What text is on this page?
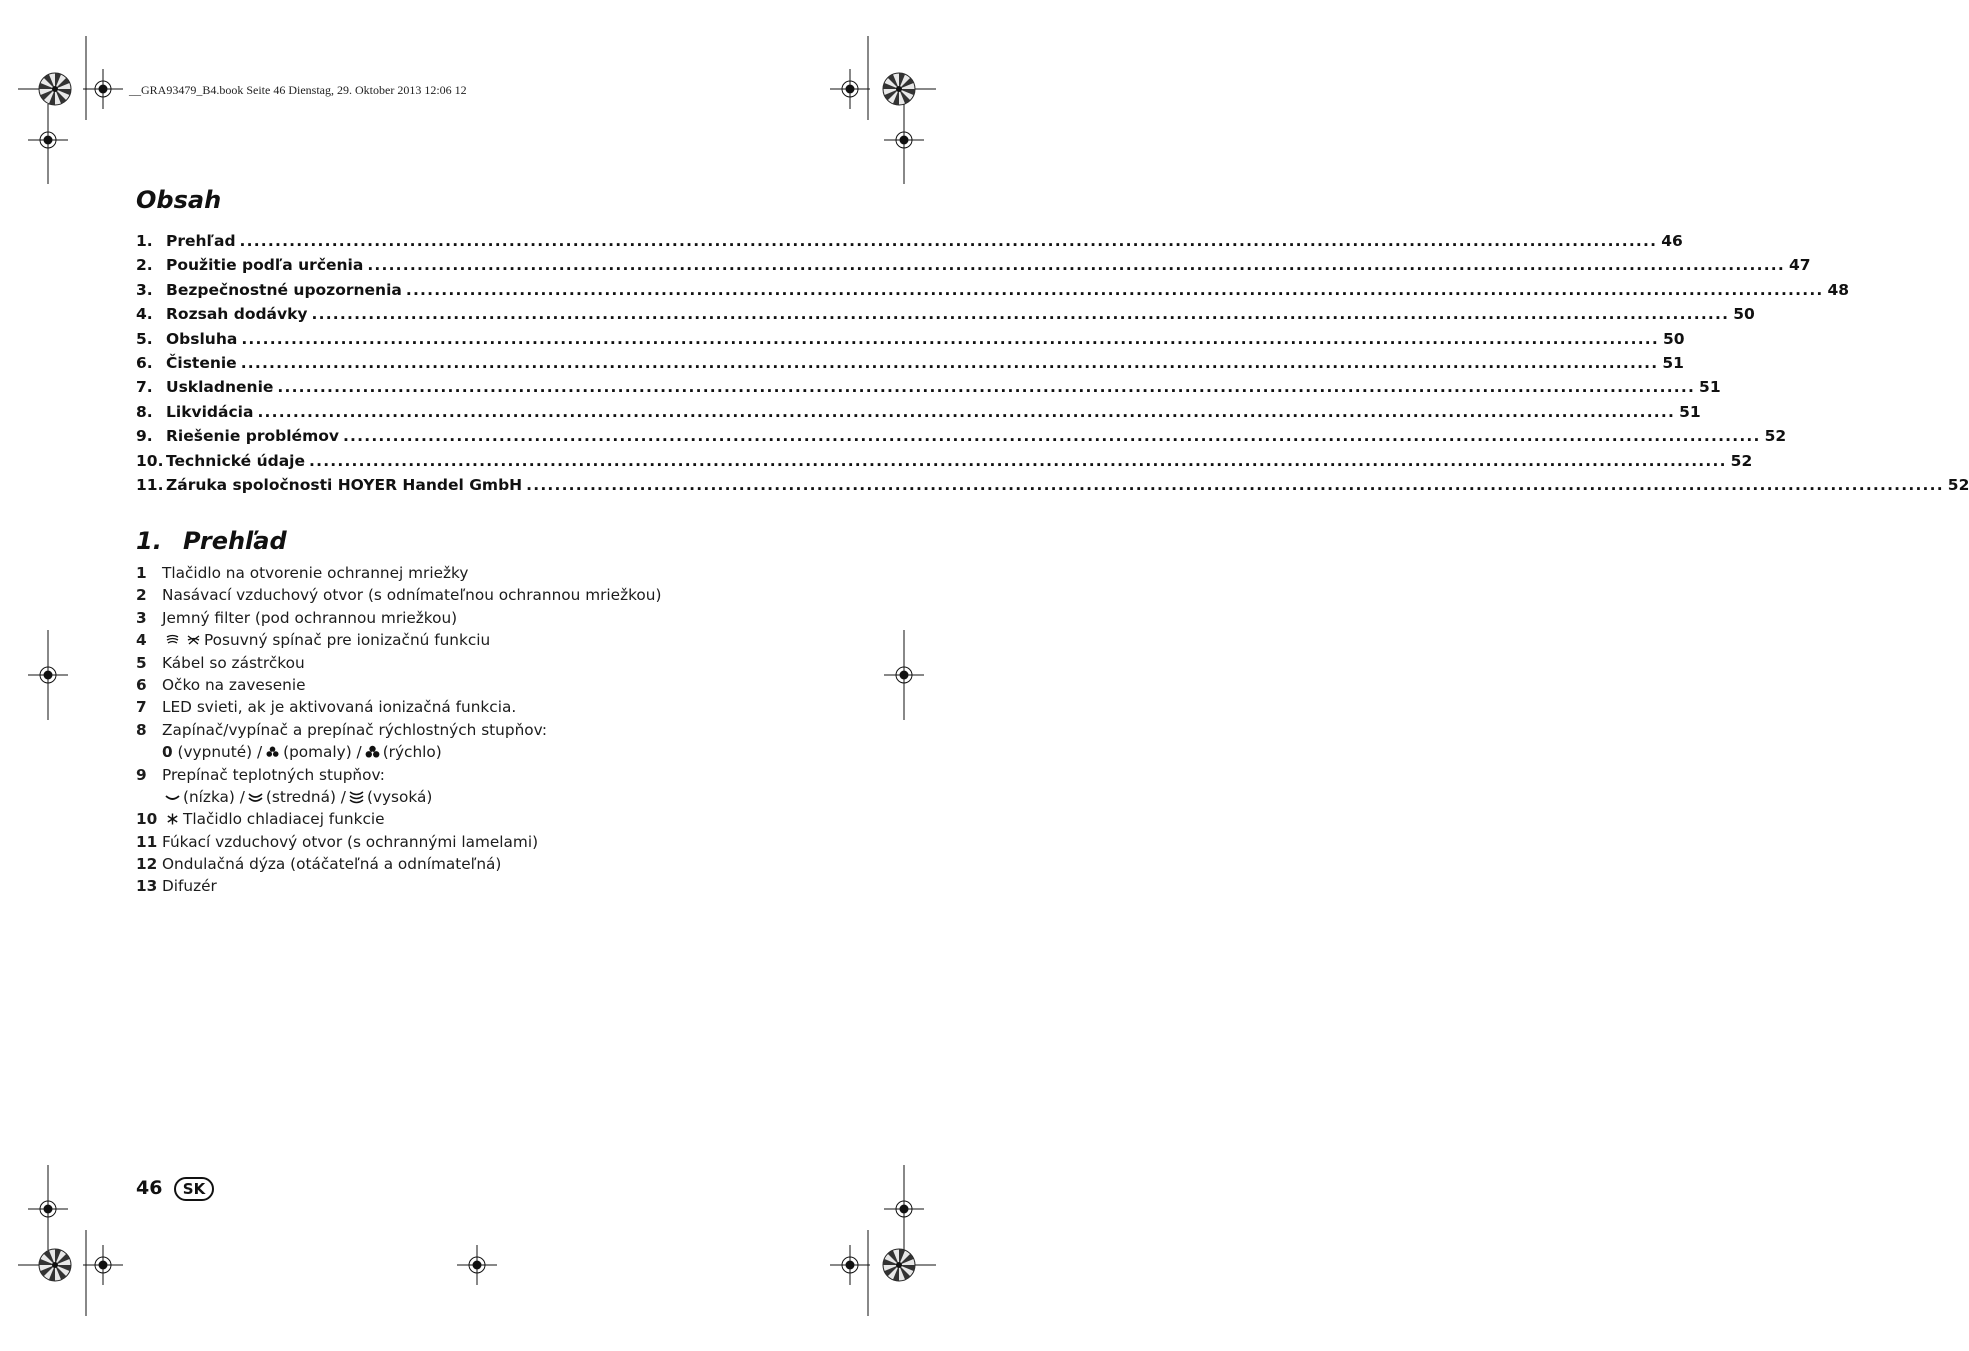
__GRA93479_B4.book Seite 46 Dienstag, 29. Oktober 2013 12:06 12
Obsah
1. Prehľad ........................................................................................................................................................................................................ 46
2. Použitie podľa určenia ........................................................................................................................................................................................................ 47
3. Bezpečnostné upozornenia ........................................................................................................................................................................................................ 48
4. Rozsah dodávky ........................................................................................................................................................................................................ 50
5. Obsluha ........................................................................................................................................................................................................ 50
6. Čistenie ........................................................................................................................................................................................................ 51
7. Uskladnenie ........................................................................................................................................................................................................ 51
8. Likvidácia ........................................................................................................................................................................................................ 51
9. Riešenie problémov ........................................................................................................................................................................................................ 52
10. Technické údaje ........................................................................................................................................................................................................ 52
11. Záruka spoločnosti HOYER Handel GmbH ........................................................................................................................................................................................................ 52
1. Prehľad
1	Tlačidlo na otvorenie ochrannej mriežky
2	Nasávací vzduchový otvor (s odnímateľnou ochrannou mriežkou)
3	Jemný filter (pod ochrannou mriežkou)
4	Posuvný spínač pre ionizačnú funkciu
5	Kábel so zástrčkou
6	Očko na zavesenie
7	LED svieti, ak je aktivovaná ionizačná funkcia.
8	Zapínač/vypínač a prepínač rýchlostných stupňov:
0 (vypnuté) / (pomaly) / (rýchlo)
9	Prepínač teplotných stupňov:
(nízka) / (stredná) / (vysoká)
10	Tlačidlo chladiacej funkcie
11 Fúkací vzduchový otvor (s ochrannými lamelami)
12 Ondulačná dýza (otáčateľná a odnímateľná)
13 Difuzér
46	SK
